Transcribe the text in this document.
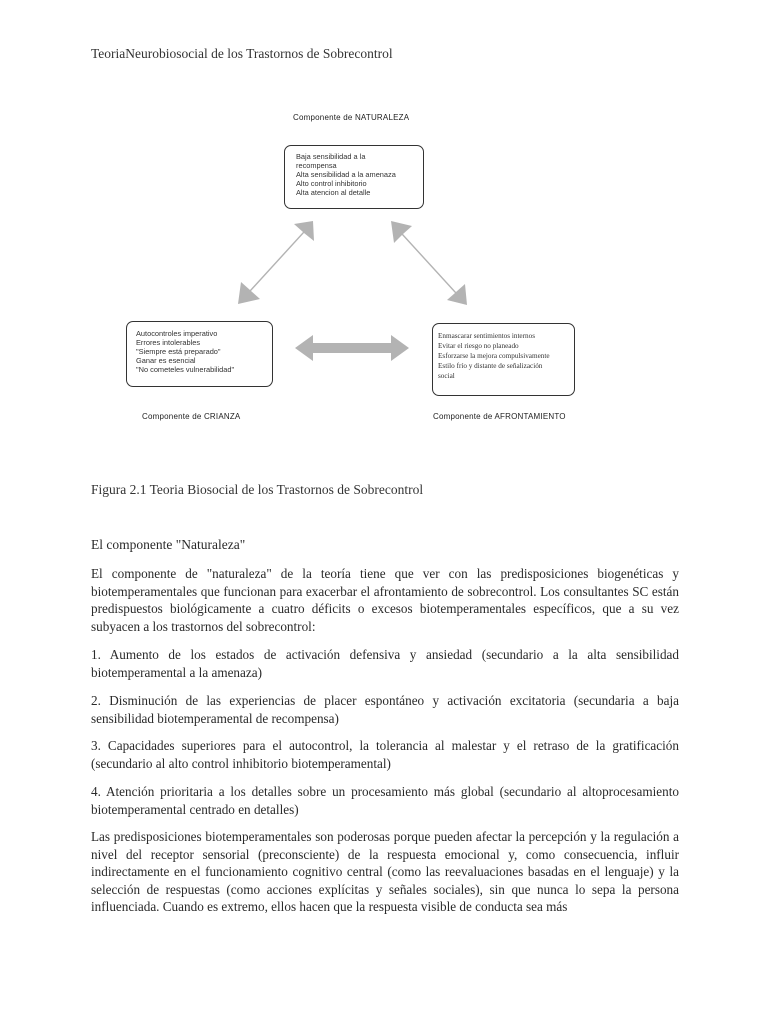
TeoriaNeurobiosocial de los Trastornos de Sobrecontrol
Componente de NATURALEZA
Baja sensibilidad a la
recompensa
Alta sensibilidad a la amenaza
Alto control inhibitorio
Alta atencion al detalle
Autocontroles imperativo
Errores intolerables
"Siempre está preparado"
Ganar es esencial
"No cometeles vulnerabilidad"
Componente de CRIANZA
Enmascarar sentimientos internos
Evitar el riesgo no planeado
Esforzarse la mejora compulsivamente
Estilo frío y distante de señalización
social
Componente de AFRONTAMIENTO
Figura 2.1 Teoria Biosocial de los Trastornos de Sobrecontrol
El componente "Naturaleza"
El componente de "naturaleza" de la teoría tiene que ver con las predisposiciones biogenéticas y biotemperamentales que funcionan para exacerbar el afrontamiento de sobrecontrol. Los consultantes SC están predispuestos biológicamente a cuatro déficits o excesos biotemperamentales específicos, que a su vez subyacen a los trastornos del sobrecontrol:
1. Aumento de los estados de activación defensiva y ansiedad (secundario a la alta sensibilidad biotemperamental a la amenaza)
2. Disminución de las experiencias de placer espontáneo y activación excitatoria (secundaria a baja sensibilidad biotemperamental de recompensa)
3. Capacidades superiores para el autocontrol, la tolerancia al malestar y el retraso de la gratificación (secundario al alto control inhibitorio biotemperamental)
4. Atención prioritaria a los detalles sobre un procesamiento más global (secundario al altoprocesamiento biotemperamental centrado en detalles)
Las predisposiciones biotemperamentales son poderosas porque pueden afectar la percepción y la regulación a nivel del receptor sensorial (preconsciente) de la respuesta emocional y, como consecuencia, influir indirectamente en el funcionamiento cognitivo central (como las reevaluaciones basadas en el lenguaje) y la selección de respuestas (como acciones explícitas y señales sociales), sin que nunca lo sepa la persona influenciada. Cuando es extremo, ellos hacen que la respuesta visible de conducta sea más
